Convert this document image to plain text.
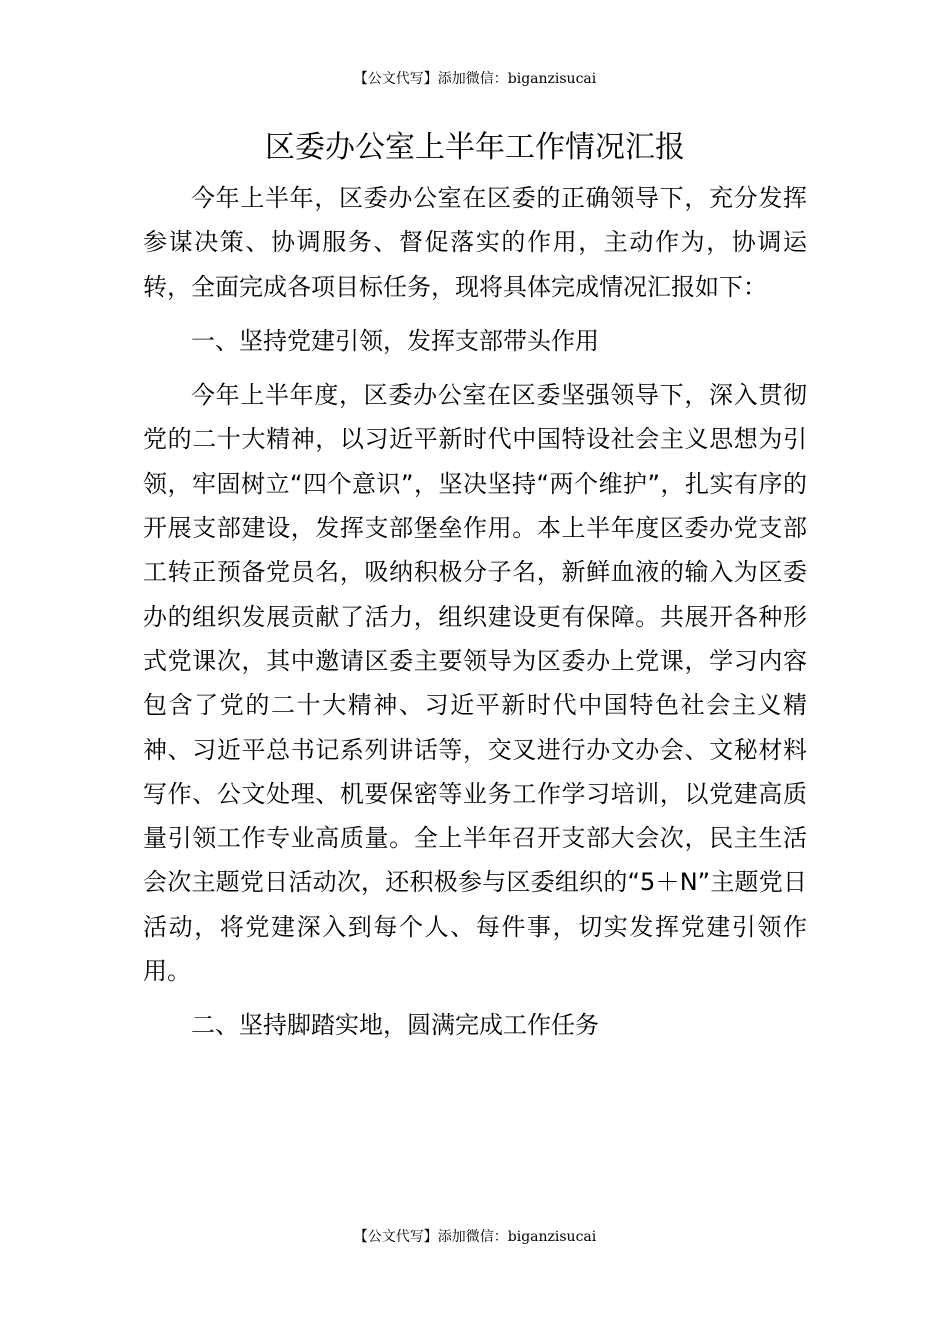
【公文代写】添加微信：biganzisucai
区委办公室上半年工作情况汇报

今年上半年，区委办公室在区委的正确领导下，充分发挥参谋决策、协调服务、督促落实的作用，主动作为，协调运转，全面完成各项目标任务，现将具体完成情况汇报如下：

一、坚持党建引领，发挥支部带头作用

今年上半年度，区委办公室在区委坚强领导下，深入贯彻党的二十大精神，以习近平新时代中国特设社会主义思想为引领，牢固树立“四个意识”，坚决坚持“两个维护”，扎实有序的开展支部建设，发挥支部堡垒作用。本上半年度区委办党支部工转正预备党员名，吸纳积极分子名，新鲜血液的输入为区委办的组织发展贡献了活力，组织建设更有保障。共展开各种形式党课次，其中邀请区委主要领导为区委办上党课，学习内容包含了党的二十大精神、习近平新时代中国特色社会主义精神、习近平总书记系列讲话等，交叉进行办文办会、文秘材料写作、公文处理、机要保密等业务工作学习培训，以党建高质量引领工作专业高质量。全上半年召开支部大会次，民主生活会次主题党日活动次，还积极参与区委组织的“5＋N”主题党日活动，将党建深入到每个人、每件事，切实发挥党建引领作用。

二、坚持脚踏实地，圆满完成工作任务

【公文代写】添加微信：biganzisucai
